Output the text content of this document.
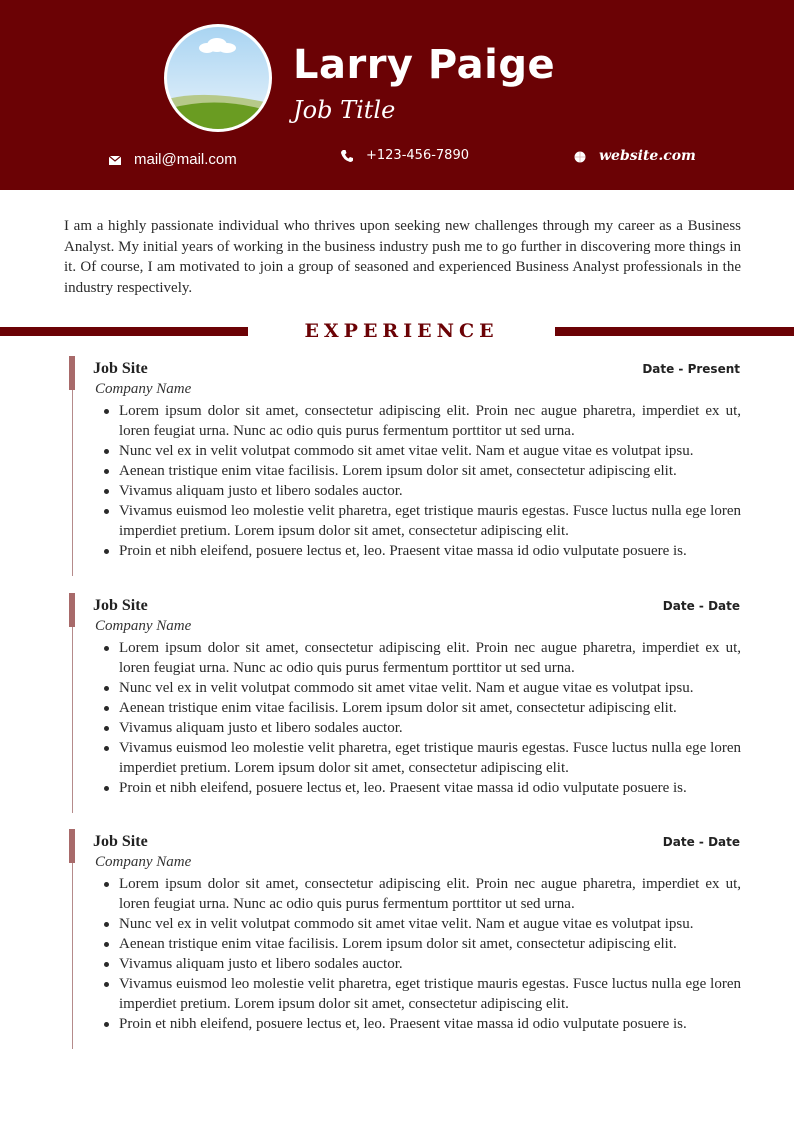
Larry Paige
Job Title
mail@mail.com	+123-456-7890	website.com

I am a highly passionate individual who thrives upon seeking new challenges through my career as a Business Analyst. My initial years of working in the business industry push me to go further in discovering more things in it. Of course, I am motivated to join a group of seasoned and experienced Business Analyst professionals in the industry respectively.

EXPERIENCE
Job Site	Date - Present
Company Name
Lorem ipsum dolor sit amet, consectetur adipiscing elit. Proin nec augue pharetra, imperdiet ex ut, loren feugiat urna. Nunc ac odio quis purus fermentum porttitor ut sed urna.
Nunc vel ex in velit volutpat commodo sit amet vitae velit. Nam et augue vitae es volutpat ipsu.
Aenean tristique enim vitae facilisis. Lorem ipsum dolor sit amet, consectetur adipiscing elit.
Vivamus aliquam justo et libero sodales auctor.
Vivamus euismod leo molestie velit pharetra, eget tristique mauris egestas. Fusce luctus nulla ege loren imperdiet pretium. Lorem ipsum dolor sit amet, consectetur adipiscing elit.
Proin et nibh eleifend, posuere lectus et, leo. Praesent vitae massa id odio vulputate posuere is.
Job Site	Date - Date
Company Name
Lorem ipsum dolor sit amet, consectetur adipiscing elit. Proin nec augue pharetra, imperdiet ex ut, loren feugiat urna. Nunc ac odio quis purus fermentum porttitor ut sed urna.
Nunc vel ex in velit volutpat commodo sit amet vitae velit. Nam et augue vitae es volutpat ipsu.
Aenean tristique enim vitae facilisis. Lorem ipsum dolor sit amet, consectetur adipiscing elit.
Vivamus aliquam justo et libero sodales auctor.
Vivamus euismod leo molestie velit pharetra, eget tristique mauris egestas. Fusce luctus nulla ege loren imperdiet pretium. Lorem ipsum dolor sit amet, consectetur adipiscing elit.
Proin et nibh eleifend, posuere lectus et, leo. Praesent vitae massa id odio vulputate posuere is.
Job Site	Date - Date
Company Name
Lorem ipsum dolor sit amet, consectetur adipiscing elit. Proin nec augue pharetra, imperdiet ex ut, loren feugiat urna. Nunc ac odio quis purus fermentum porttitor ut sed urna.
Nunc vel ex in velit volutpat commodo sit amet vitae velit. Nam et augue vitae es volutpat ipsu.
Aenean tristique enim vitae facilisis. Lorem ipsum dolor sit amet, consectetur adipiscing elit.
Vivamus aliquam justo et libero sodales auctor.
Vivamus euismod leo molestie velit pharetra, eget tristique mauris egestas. Fusce luctus nulla ege loren imperdiet pretium. Lorem ipsum dolor sit amet, consectetur adipiscing elit.
Proin et nibh eleifend, posuere lectus et, leo. Praesent vitae massa id odio vulputate posuere is.
